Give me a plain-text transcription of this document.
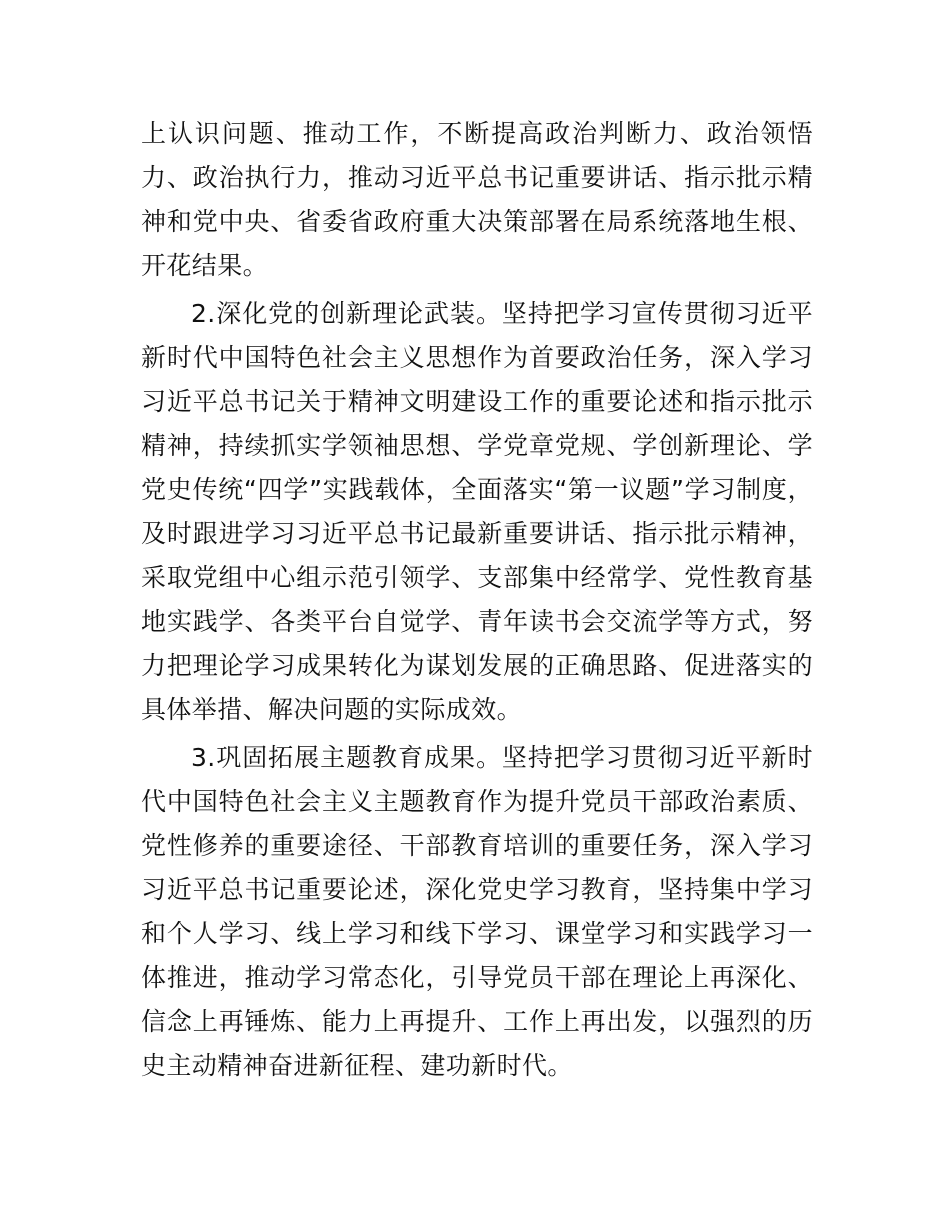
上认识问题、推动工作，不断提高政治判断力、政治领悟力、政治执行力，推动习近平总书记重要讲话、指示批示精神和党中央、省委省政府重大决策部署在局系统落地生根、开花结果。

2.深化党的创新理论武装。坚持把学习宣传贯彻习近平新时代中国特色社会主义思想作为首要政治任务，深入学习习近平总书记关于精神文明建设工作的重要论述和指示批示精神，持续抓实学领袖思想、学党章党规、学创新理论、学党史传统“四学”实践载体，全面落实“第一议题”学习制度，及时跟进学习习近平总书记最新重要讲话、指示批示精神，采取党组中心组示范引领学、支部集中经常学、党性教育基地实践学、各类平台自觉学、青年读书会交流学等方式，努力把理论学习成果转化为谋划发展的正确思路、促进落实的具体举措、解决问题的实际成效。

3.巩固拓展主题教育成果。坚持把学习贯彻习近平新时代中国特色社会主义主题教育作为提升党员干部政治素质、党性修养的重要途径、干部教育培训的重要任务，深入学习习近平总书记重要论述，深化党史学习教育，坚持集中学习和个人学习、线上学习和线下学习、课堂学习和实践学习一体推进，推动学习常态化，引导党员干部在理论上再深化、信念上再锤炼、能力上再提升、工作上再出发，以强烈的历史主动精神奋进新征程、建功新时代。
